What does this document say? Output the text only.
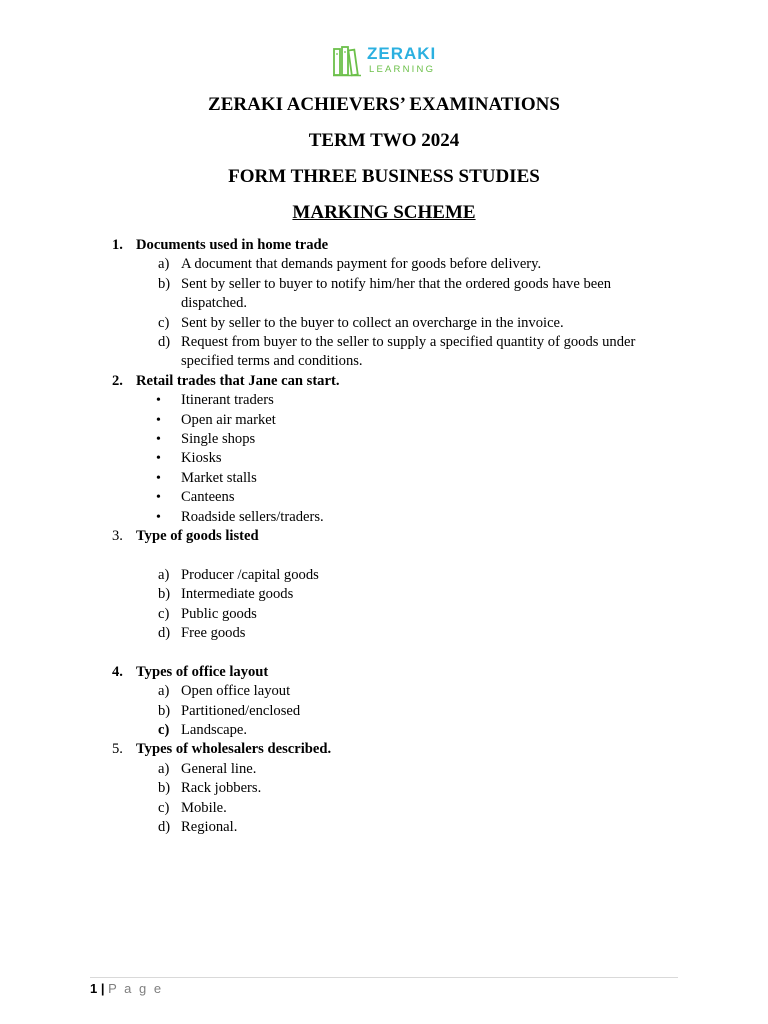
ZERAKI
LEARNING
ZERAKI ACHIEVERS’ EXAMINATIONS
TERM TWO 2024
FORM THREE BUSINESS STUDIES
MARKING SCHEME
1. Documents used in home trade
a) A document that demands payment for goods before delivery.
b) Sent by seller to buyer to notify him/her that the ordered goods have been dispatched.
c) Sent by seller to the buyer to collect an overcharge in the invoice.
d) Request from buyer to the seller to supply a specified quantity of goods under specified terms and conditions.
2. Retail trades that Jane can start.
• Itinerant traders
• Open air market
• Single shops
• Kiosks
• Market stalls
• Canteens
• Roadside sellers/traders.
3. Type of goods listed
a) Producer /capital goods
b) Intermediate goods
c) Public goods
d) Free goods
4. Types of office layout
a) Open office layout
b) Partitioned/enclosed
c) Landscape.
5. Types of wholesalers described.
a) General line.
b) Rack jobbers.
c) Mobile.
d) Regional.
1 | P a g e
